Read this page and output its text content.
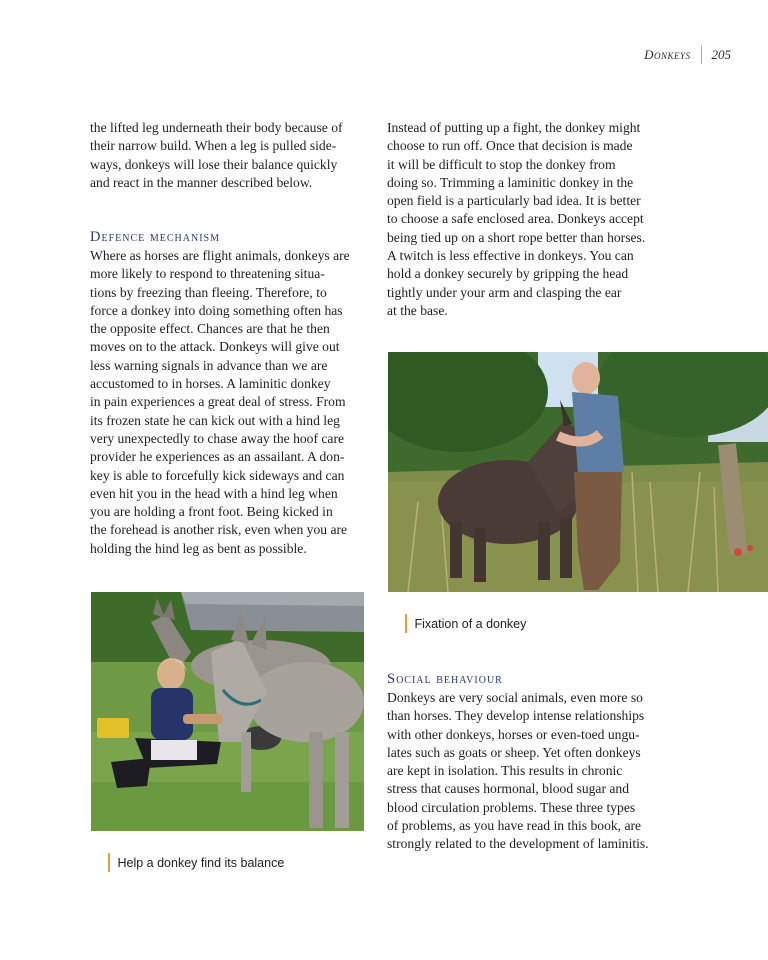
Donkeys	205

the lifted leg underneath their body because of
their narrow build. When a leg is pulled side-
ways, donkeys will lose their balance quickly
and react in the manner described below.

Defence mechanism

Where as horses are flight animals, donkeys are
more likely to respond to threatening situa-
tions by freezing than fleeing. Therefore, to
force a donkey into doing something often has
the opposite effect. Chances are that he then
moves on to the attack. Donkeys will give out
less warning signals in advance than we are
accustomed to in horses. A laminitic donkey
in pain experiences a great deal of stress. From
its frozen state he can kick out with a hind leg
very unexpectedly to chase away the hoof care
provider he experiences as an assailant. A don-
key is able to forcefully kick sideways and can
even hit you in the head with a hind leg when
you are holding a front foot. Being kicked in
the forehead is another risk, even when you are
holding the hind leg as bent as possible.

Help a donkey find its balance

Instead of putting up a fight, the donkey might
choose to run off. Once that decision is made
it will be difficult to stop the donkey from
doing so. Trimming a laminitic donkey in the
open field is a particularly bad idea. It is better
to choose a safe enclosed area. Donkeys accept
being tied up on a short rope better than horses.
A twitch is less effective in donkeys. You can
hold a donkey securely by gripping the head
tightly under your arm and clasping the ear
at the base.

Fixation of a donkey
Social behaviour

Donkeys are very social animals, even more so
than horses. They develop intense relationships
with other donkeys, horses or even-toed ungu-
lates such as goats or sheep. Yet often donkeys
are kept in isolation. This results in chronic
stress that causes hormonal, blood sugar and
blood circulation problems. These three types
of problems, as you have read in this book, are
strongly related to the development of laminitis.
